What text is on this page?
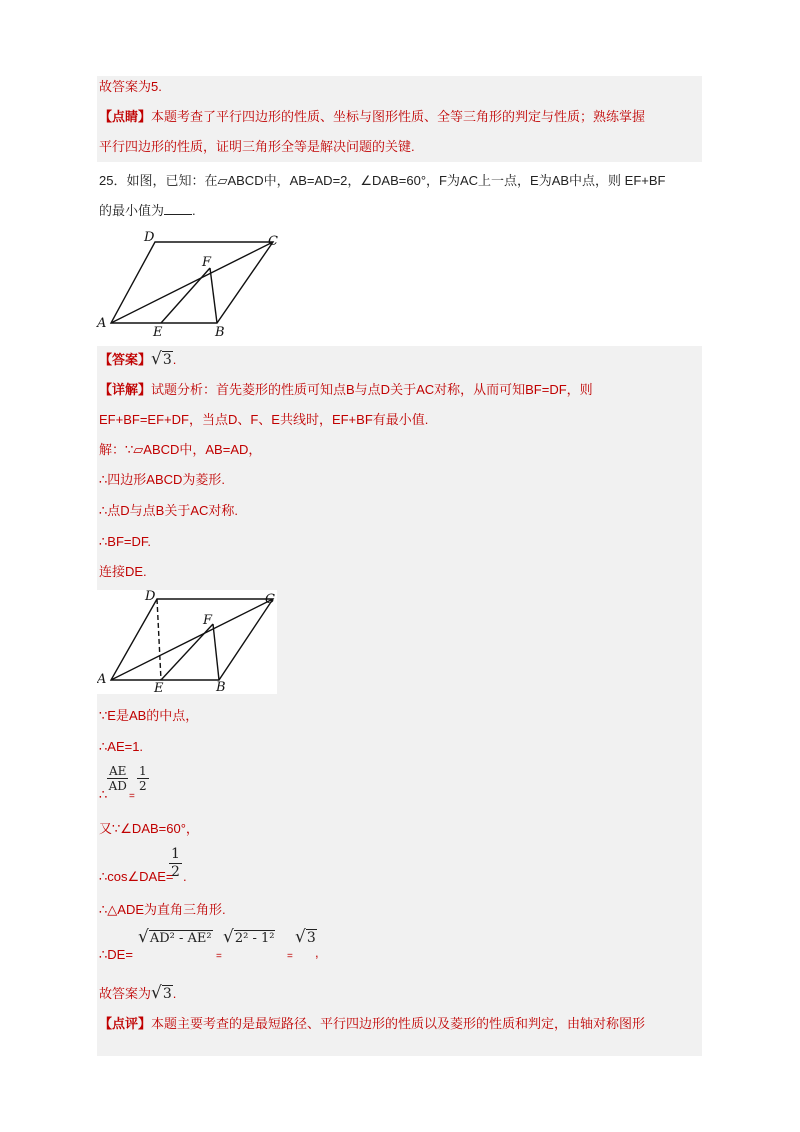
故答案为5.
【点睛】本题考查了平行四边形的性质、坐标与图形性质、全等三角形的判定与性质；熟练掌握
平行四边形的性质，证明三角形全等是解决问题的关键.
25．如图，已知：在▱ABCD中，AB=AD=2，∠DAB=60°，F为AC上一点，E为AB中点，则 EF+BF
的最小值为 .
A
B
C
D
E
F
【答案】√3.
【详解】试题分析：首先菱形的性质可知点B与点D关于AC对称，从而可知BF=DF，则
EF+BF=EF+DF，当点D、F、E共线时，EF+BF有最小值.
解：∵▱ABCD中，AB=AD，
∴四边形ABCD为菱形.
∴点D与点B关于AC对称.
∴BF=DF.
连接DE.
A
B
C
D
E
F
∵E是AB的中点，
∴AE=1.
$\frac{AE}{AD} \frac{1}{2}$
∴ =
又∵∠DAB=60°，
∴cos∠DAE=
$\frac{1}{2}$ .
∴△ADE为直角三角形.
∴DE=
√AD² - AE²
=
√2² - 1²
=
√3
,
故答案为√3.
【点评】本题主要考查的是最短路径、平行四边形的性质以及菱形的性质和判定，由轴对称图形
